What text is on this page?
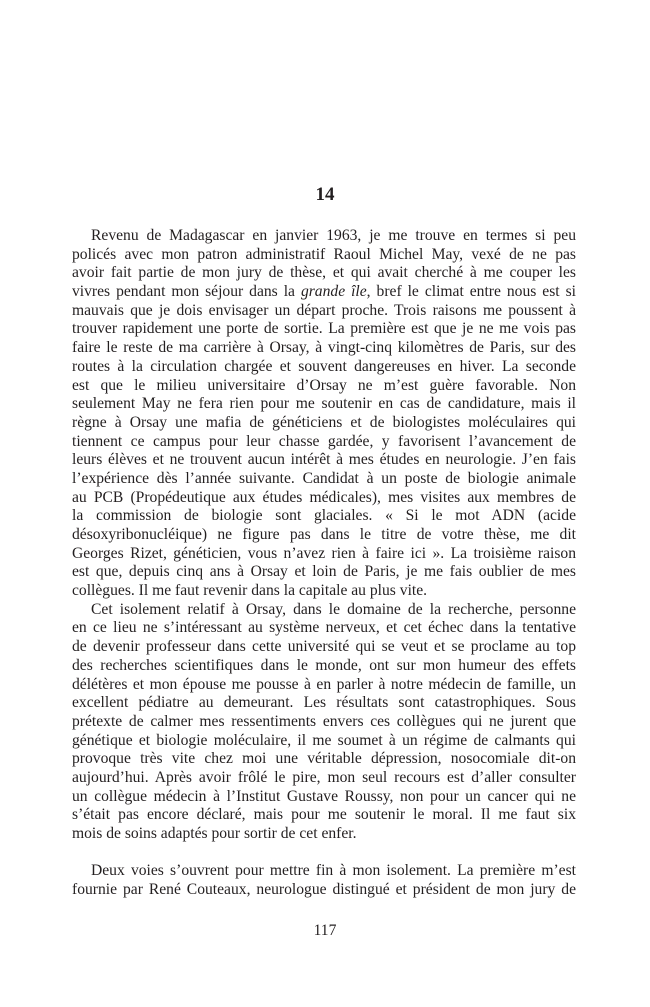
14
Revenu de Madagascar en janvier 1963, je me trouve en termes si peu
policés avec mon patron administratif Raoul Michel May, vexé de ne pas
avoir fait partie de mon jury de thèse, et qui avait cherché à me couper les
vivres pendant mon séjour dans la grande île, bref le climat entre nous est si
mauvais que je dois envisager un départ proche. Trois raisons me poussent à
trouver rapidement une porte de sortie. La première est que je ne me vois pas
faire le reste de ma carrière à Orsay, à vingt-cinq kilomètres de Paris, sur des
routes à la circulation chargée et souvent dangereuses en hiver. La seconde
est que le milieu universitaire d’Orsay ne m’est guère favorable. Non
seulement May ne fera rien pour me soutenir en cas de candidature, mais il
règne à Orsay une mafia de généticiens et de biologistes moléculaires qui
tiennent ce campus pour leur chasse gardée, y favorisent l’avancement de
leurs élèves et ne trouvent aucun intérêt à mes études en neurologie. J’en fais
l’expérience dès l’année suivante. Candidat à un poste de biologie animale
au PCB (Propédeutique aux études médicales), mes visites aux membres de
la commission de biologie sont glaciales. « Si le mot ADN (acide
désoxyribonucléique) ne figure pas dans le titre de votre thèse, me dit
Georges Rizet, généticien, vous n’avez rien à faire ici ». La troisième raison
est que, depuis cinq ans à Orsay et loin de Paris, je me fais oublier de mes
collègues. Il me faut revenir dans la capitale au plus vite.
Cet isolement relatif à Orsay, dans le domaine de la recherche, personne
en ce lieu ne s’intéressant au système nerveux, et cet échec dans la tentative
de devenir professeur dans cette université qui se veut et se proclame au top
des recherches scientifiques dans le monde, ont sur mon humeur des effets
délétères et mon épouse me pousse à en parler à notre médecin de famille, un
excellent pédiatre au demeurant. Les résultats sont catastrophiques. Sous
prétexte de calmer mes ressentiments envers ces collègues qui ne jurent que
génétique et biologie moléculaire, il me soumet à un régime de calmants qui
provoque très vite chez moi une véritable dépression, nosocomiale dit-on
aujourd’hui. Après avoir frôlé le pire, mon seul recours est d’aller consulter
un collègue médecin à l’Institut Gustave Roussy, non pour un cancer qui ne
s’était pas encore déclaré, mais pour me soutenir le moral. Il me faut six
mois de soins adaptés pour sortir de cet enfer.
Deux voies s’ouvrent pour mettre fin à mon isolement. La première m’est
fournie par René Couteaux, neurologue distingué et président de mon jury de
117
